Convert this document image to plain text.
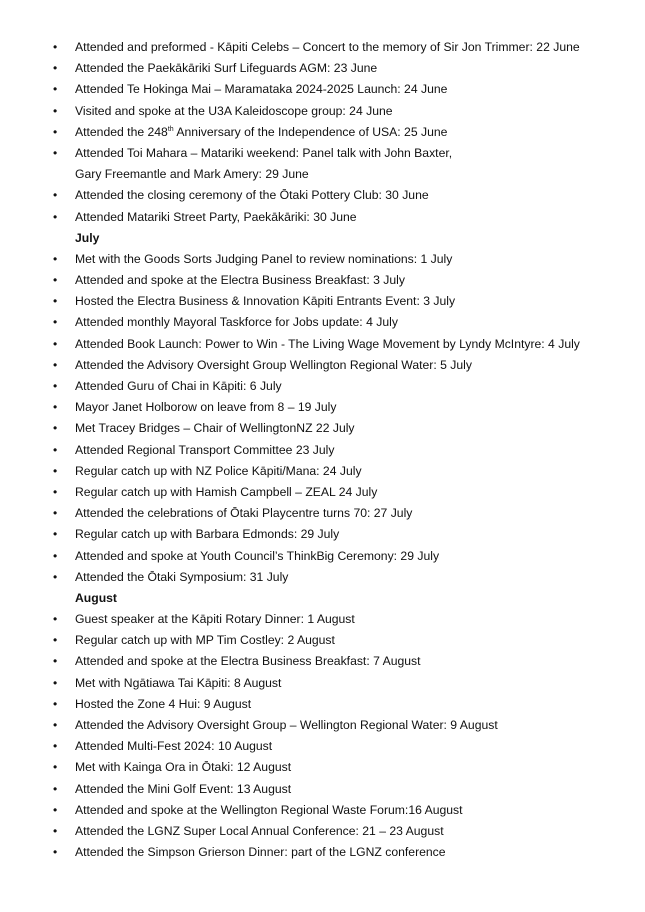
• Attended and preformed - Kāpiti Celebs – Concert to the memory of Sir Jon Trimmer: 22 June
• Attended the Paekākāriki Surf Lifeguards AGM: 23 June
• Attended Te Hokinga Mai – Maramataka 2024-2025 Launch: 24 June
• Visited and spoke at the U3A Kaleidoscope group: 24 June
• Attended the 248th Anniversary of the Independence of USA: 25 June
• Attended Toi Mahara – Matariki weekend: Panel talk with John Baxter,
Gary Freemantle and Mark Amery: 29 June
• Attended the closing ceremony of the Ōtaki Pottery Club: 30 June
• Attended Matariki Street Party, Paekākāriki: 30 June
July
• Met with the Goods Sorts Judging Panel to review nominations: 1 July
• Attended and spoke at the Electra Business Breakfast: 3 July
• Hosted the Electra Business & Innovation Kāpiti Entrants Event: 3 July
• Attended monthly Mayoral Taskforce for Jobs update: 4 July
• Attended Book Launch: Power to Win - The Living Wage Movement by Lyndy McIntyre: 4 July
• Attended the Advisory Oversight Group Wellington Regional Water: 5 July
• Attended Guru of Chai in Kāpiti: 6 July
• Mayor Janet Holborow on leave from 8 – 19 July
• Met Tracey Bridges – Chair of WellingtonNZ 22 July
• Attended Regional Transport Committee 23 July
• Regular catch up with NZ Police Kāpiti/Mana: 24 July
• Regular catch up with Hamish Campbell – ZEAL 24 July
• Attended the celebrations of Ōtaki Playcentre turns 70: 27 July
• Regular catch up with Barbara Edmonds: 29 July
• Attended and spoke at Youth Council’s ThinkBig Ceremony: 29 July
• Attended the Ōtaki Symposium: 31 July
August
• Guest speaker at the Kāpiti Rotary Dinner: 1 August
• Regular catch up with MP Tim Costley: 2 August
• Attended and spoke at the Electra Business Breakfast: 7 August
• Met with Ngātiawa Tai Kāpiti: 8 August
• Hosted the Zone 4 Hui: 9 August
• Attended the Advisory Oversight Group – Wellington Regional Water: 9 August
• Attended Multi-Fest 2024: 10 August
• Met with Kainga Ora in Ōtaki: 12 August
• Attended the Mini Golf Event: 13 August
• Attended and spoke at the Wellington Regional Waste Forum:16 August
• Attended the LGNZ Super Local Annual Conference: 21 – 23 August
• Attended the Simpson Grierson Dinner: part of the LGNZ conference
